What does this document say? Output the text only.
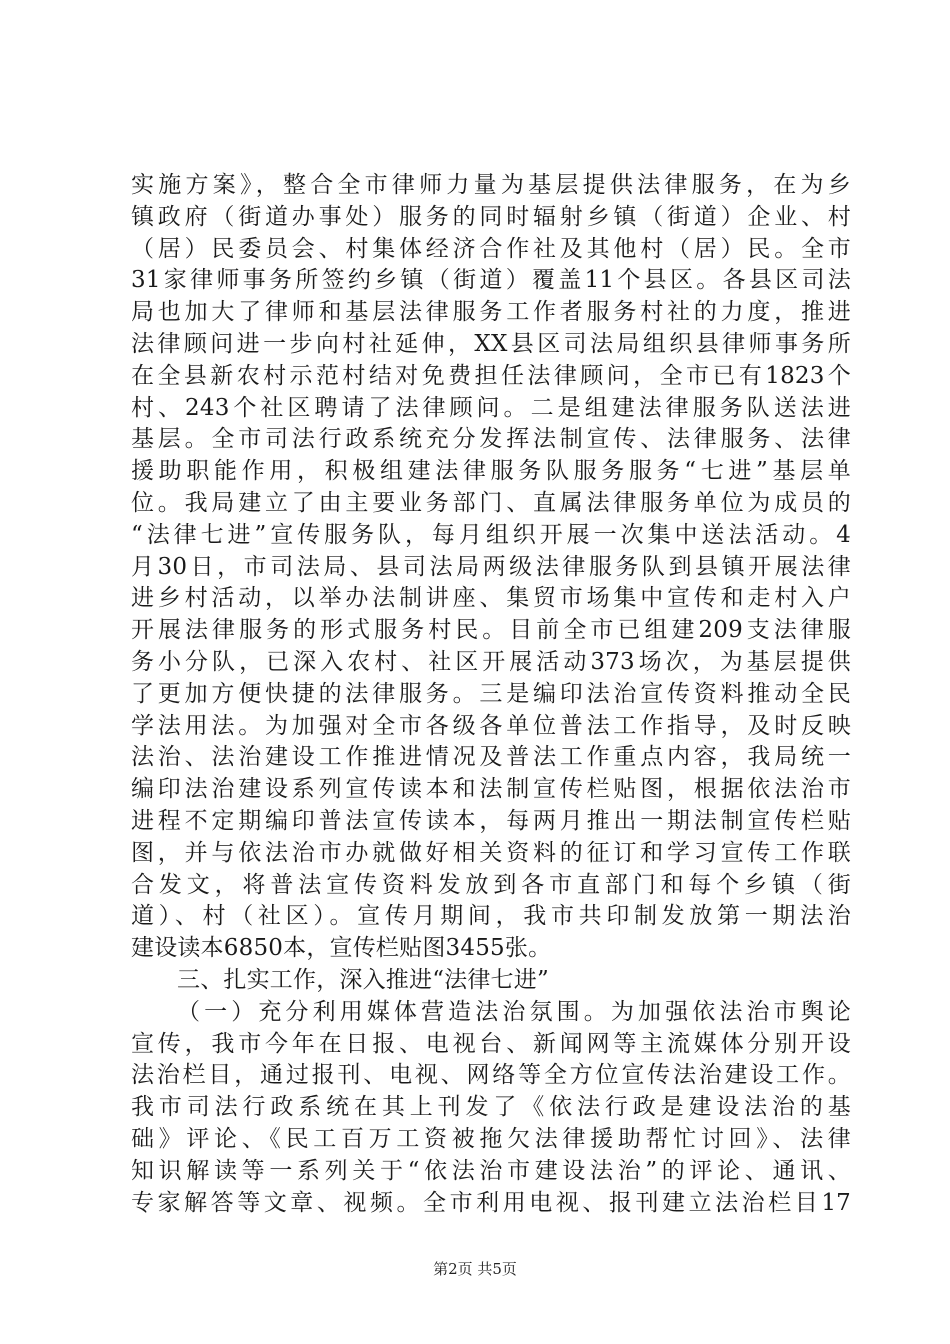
实施方案》，整合全市律师力量为基层提供法律服务，在为乡
镇政府（街道办事处）服务的同时辐射乡镇（街道）企业、村
（居）民委员会、村集体经济合作社及其他村（居）民。全市
31家律师事务所签约乡镇（街道）覆盖11个县区。各县区司法
局也加大了律师和基层法律服务工作者服务村社的力度，推进
法律顾问进一步向村社延伸，XX县区司法局组织县律师事务所
在全县新农村示范村结对免费担任法律顾问，全市已有1823个
村、243个社区聘请了法律顾问。二是组建法律服务队送法进
基层。全市司法行政系统充分发挥法制宣传、法律服务、法律
援助职能作用，积极组建法律服务队服务服务“七进”基层单
位。我局建立了由主要业务部门、直属法律服务单位为成员的
“法律七进”宣传服务队，每月组织开展一次集中送法活动。4
月30日，市司法局、县司法局两级法律服务队到县镇开展法律
进乡村活动，以举办法制讲座、集贸市场集中宣传和走村入户
开展法律服务的形式服务村民。目前全市已组建209支法律服
务小分队，已深入农村、社区开展活动373场次，为基层提供
了更加方便快捷的法律服务。三是编印法治宣传资料推动全民
学法用法。为加强对全市各级各单位普法工作指导，及时反映
法治、法治建设工作推进情况及普法工作重点内容，我局统一
编印法治建设系列宣传读本和法制宣传栏贴图，根据依法治市
进程不定期编印普法宣传读本，每两月推出一期法制宣传栏贴
图，并与依法治市办就做好相关资料的征订和学习宣传工作联
合发文，将普法宣传资料发放到各市直部门和每个乡镇（街
道）、村（社区）。宣传月期间，我市共印制发放第一期法治
建设读本6850本，宣传栏贴图3455张。
三、扎实工作，深入推进“法律七进”
（一）充分利用媒体营造法治氛围。为加强依法治市舆论
宣传，我市今年在日报、电视台、新闻网等主流媒体分别开设
法治栏目，通过报刊、电视、网络等全方位宣传法治建设工作。
我市司法行政系统在其上刊发了《依法行政是建设法治的基
础》评论、《民工百万工资被拖欠法律援助帮忙讨回》、法律
知识解读等一系列关于“依法治市建设法治”的评论、通讯、
专家解答等文章、视频。全市利用电视、报刊建立法治栏目17
第2页 共5页
